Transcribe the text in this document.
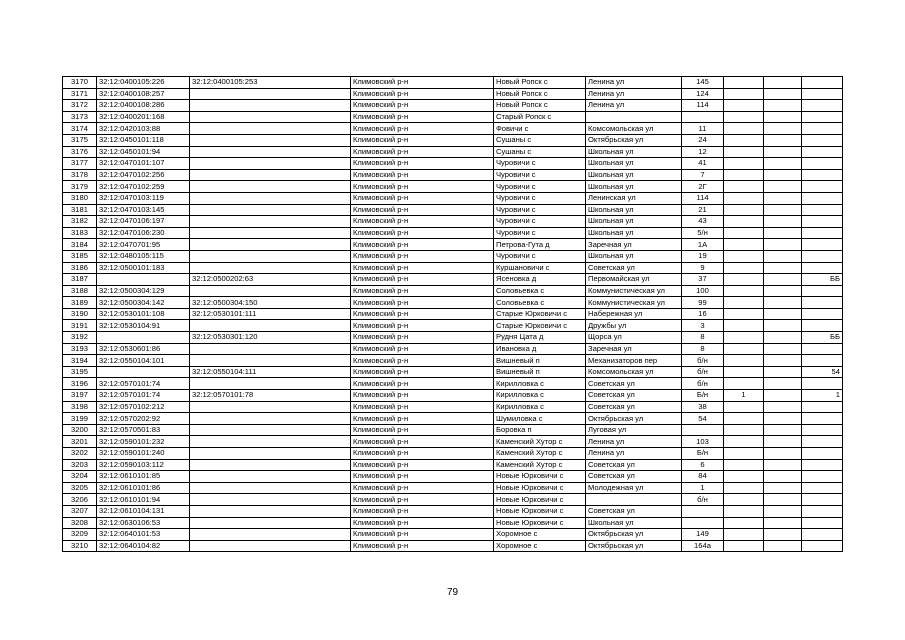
3170	32:12:0400105:226	32:12:0400105:253	Климовский р-н	Новый Ропск с	Ленина ул	145			
3171	32:12:0400108:257		Климовский р-н	Новый Ропск с	Ленина ул	124			
3172	32:12:0400108:286		Климовский р-н	Новый Ропск с	Ленина ул	114			
3173	32:12:0400201:168		Климовский р-н	Старый Ропск с					
3174	32:12:0420103:88		Климовский р-н	Фовичи с	Комсомольская ул	11			
3175	32:12:0450101:118		Климовский р-н	Сушаны с	Октябрьская ул	24			
3176	32:12:0450101:94		Климовский р-н	Сушаны с	Школьная ул	12			
3177	32:12:0470101:107		Климовский р-н	Чуровичи с	Школьная ул	41			
3178	32:12:0470102:256		Климовский р-н	Чуровичи с	Школьная ул	7			
3179	32:12:0470102:259		Климовский р-н	Чуровичи с	Школьная ул	2Г			
3180	32:12:0470103:119		Климовский р-н	Чуровичи с	Ленинская ул	114			
3181	32:12:0470103:145		Климовский р-н	Чуровичи с	Школьная ул	21			
3182	32:12:0470106:197		Климовский р-н	Чуровичи с	Школьная ул	43			
3183	32:12:0470106:230		Климовский р-н	Чуровичи с	Школьная ул	5/н			
3184	32:12:0470701:95		Климовский р-н	Петрова-Гута д	Заречная ул	1А			
3185	32:12:0480105:115		Климовский р-н	Чуровичи с	Школьная ул	19			
3186	32:12:0500101:183		Климовский р-н	Куршановичи с	Советская ул	9			
3187		32:12:0500202:63	Климовский р-н	Ясеновка д	Первомайская ул	37			ББ
3188	32:12:0500304:129		Климовский р-н	Соловьевка с	Коммунистическая ул	100			
3189	32:12:0500304:142	32:12:0500304:150	Климовский р-н	Соловьевка с	Коммунистическая ул	99			
3190	32:12:0530101:108	32:12:0530101:111	Климовский р-н	Старые Юрковичи с	Набережная ул	16			
3191	32:12:0530104:91		Климовский р-н	Старые Юрковичи с	Дружбы ул	3			
3192		32:12:0530301:120	Климовский р-н	Рудня Цата д	Щорса ул	8			ББ
3193	32:12:0530601:86		Климовский р-н	Ивановка д	Заречная ул	8			
3194	32:12:0550104:101		Климовский р-н	Вишневый п	Механизаторов пер	б/н			
3195		32:12:0550104:111	Климовский р-н	Вишневый п	Комсомольская ул	б/н			54
3196	32:12:0570101:74		Климовский р-н	Кирилловка с	Советская ул	б/н			
3197	32:12:0570101:74	32:12:0570101:78	Климовский р-н	Кирилловка с	Советская ул	Б/н	1		1
3198	32:12:0570102:212		Климовский р-н	Кирилловка с	Советская ул	38			
3199	32:12:0570202:92		Климовский р-н	Шумиловка с	Октябрьская ул	54			
3200	32:12:0570501:83		Климовский р-н	Боровка п	Луговая ул				
3201	32:12:0590101:232		Климовский р-н	Каменский Хутор с	Ленина ул	103			
3202	32:12:0590101:240		Климовский р-н	Каменский Хутор с	Ленина ул	Б/н			
3203	32:12:0590103:112		Климовский р-н	Каменский Хутор с	Советская ул	6			
3204	32:12:0610101:85		Климовский р-н	Новые Юрковичи с	Советская ул	84			
3205	32:12:0610101:86		Климовский р-н	Новые Юрковичи с	Молодежная ул	1			
3206	32:12:0610101:94		Климовский р-н	Новые Юрковичи с		б/н			
3207	32:12:0610104:131		Климовский р-н	Новые Юрковичи с	Советская ул				
3208	32:12:0630106:53		Климовский р-н	Новые Юрковичи с	Школьная ул				
3209	32:12:0640101:53		Климовский р-н	Хоромное с	Октябрьская ул	149			
3210	32:12:0640104:82		Климовский р-н	Хоромное с	Октябрьская ул	164а			
79
